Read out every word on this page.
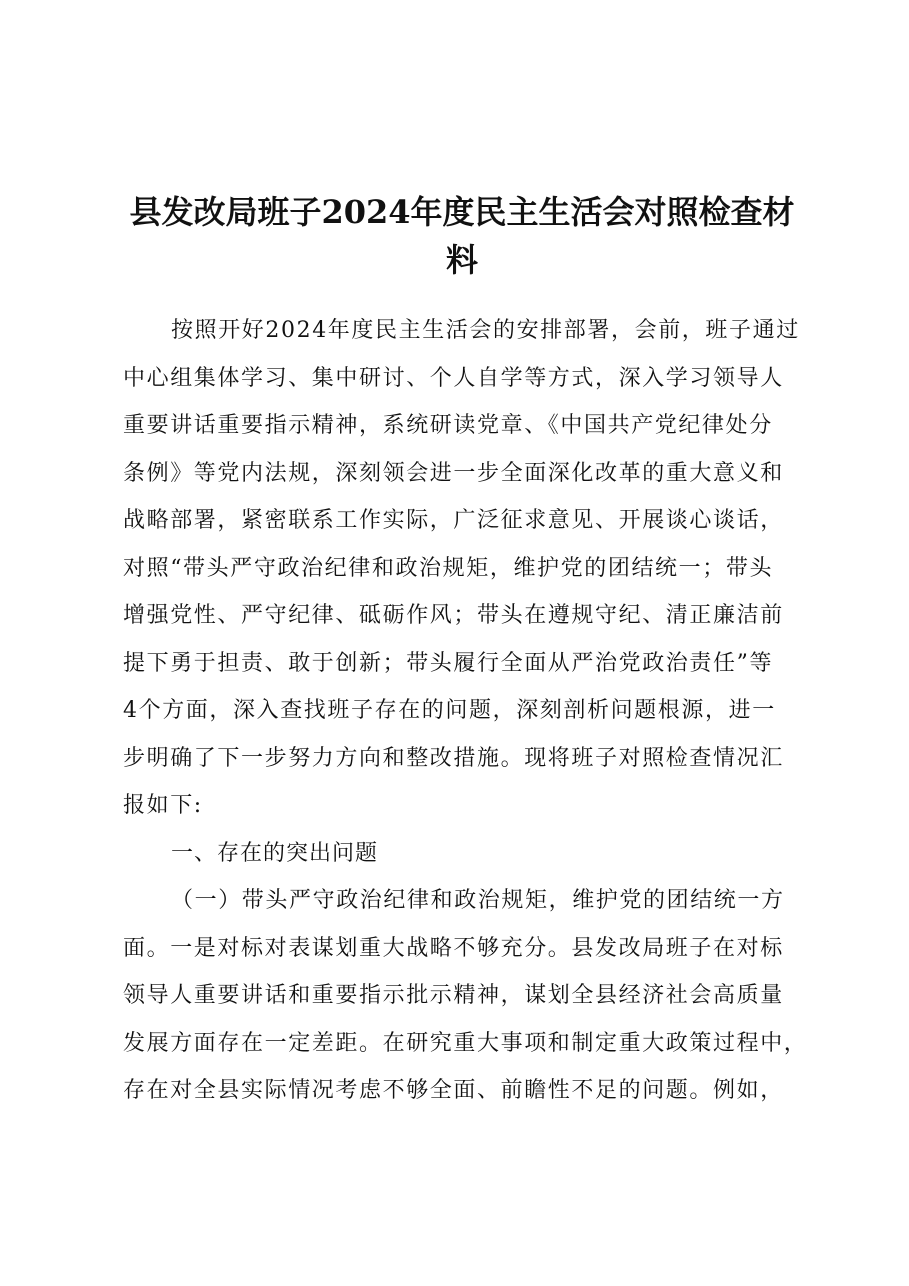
县发改局班子2024年度民主生活会对照检查材
料
按照开好2024年度民主生活会的安排部署，会前，班子通过
中心组集体学习、集中研讨、个人自学等方式，深入学习领导人
重要讲话重要指示精神，系统研读党章、《中国共产党纪律处分
条例》等党内法规，深刻领会进一步全面深化改革的重大意义和
战略部署，紧密联系工作实际，广泛征求意见、开展谈心谈话，
对照“带头严守政治纪律和政治规矩，维护党的团结统一；带头
增强党性、严守纪律、砥砺作风；带头在遵规守纪、清正廉洁前
提下勇于担责、敢于创新；带头履行全面从严治党政治责任”等
4个方面，深入查找班子存在的问题，深刻剖析问题根源，进一
步明确了下一步努力方向和整改措施。现将班子对照检查情况汇
报如下:
一、存在的突出问题
（一）带头严守政治纪律和政治规矩，维护党的团结统一方
面。一是对标对表谋划重大战略不够充分。县发改局班子在对标
领导人重要讲话和重要指示批示精神，谋划全县经济社会高质量
发展方面存在一定差距。在研究重大事项和制定重大政策过程中，
存在对全县实际情况考虑不够全面、前瞻性不足的问题。例如，
